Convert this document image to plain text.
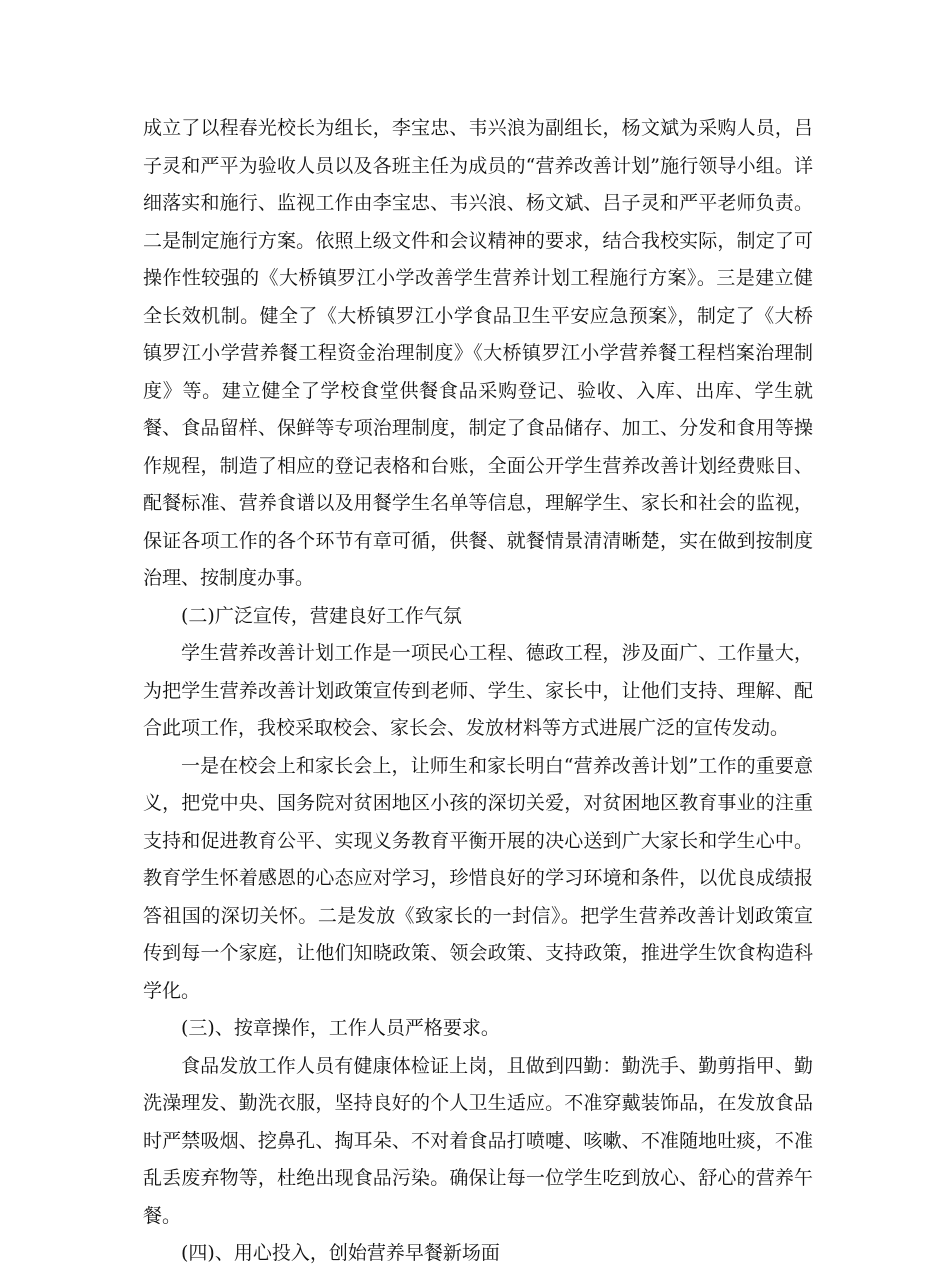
成立了以程春光校长为组长，李宝忠、韦兴浪为副组长，杨文斌为采购人员，吕子灵和严平为验收人员以及各班主任为成员的“营养改善计划”施行领导小组。详细落实和施行、监视工作由李宝忠、韦兴浪、杨文斌、吕子灵和严平老师负责。二是制定施行方案。依照上级文件和会议精神的要求，结合我校实际，制定了可操作性较强的《大桥镇罗江小学改善学生营养计划工程施行方案》。三是建立健全长效机制。健全了《大桥镇罗江小学食品卫生平安应急预案》，制定了《大桥镇罗江小学营养餐工程资金治理制度》《大桥镇罗江小学营养餐工程档案治理制度》等。建立健全了学校食堂供餐食品采购登记、验收、入库、出库、学生就餐、食品留样、保鲜等专项治理制度，制定了食品储存、加工、分发和食用等操作规程，制造了相应的登记表格和台账，全面公开学生营养改善计划经费账目、配餐标准、营养食谱以及用餐学生名单等信息，理解学生、家长和社会的监视，保证各项工作的各个环节有章可循，供餐、就餐情景清清晰楚，实在做到按制度治理、按制度办事。

(二)广泛宣传，营建良好工作气氛

学生营养改善计划工作是一项民心工程、德政工程，涉及面广、工作量大，为把学生营养改善计划政策宣传到老师、学生、家长中，让他们支持、理解、配合此项工作，我校采取校会、家长会、发放材料等方式进展广泛的宣传发动。

一是在校会上和家长会上，让师生和家长明白“营养改善计划”工作的重要意义，把党中央、国务院对贫困地区小孩的深切关爱，对贫困地区教育事业的注重支持和促进教育公平、实现义务教育平衡开展的决心送到广大家长和学生心中。教育学生怀着感恩的心态应对学习，珍惜良好的学习环境和条件，以优良成绩报答祖国的深切关怀。二是发放《致家长的一封信》。把学生营养改善计划政策宣传到每一个家庭，让他们知晓政策、领会政策、支持政策，推进学生饮食构造科学化。

(三)、按章操作，工作人员严格要求。

食品发放工作人员有健康体检证上岗，且做到四勤：勤洗手、勤剪指甲、勤洗澡理发、勤洗衣服，坚持良好的个人卫生适应。不准穿戴装饰品，在发放食品时严禁吸烟、挖鼻孔、掏耳朵、不对着食品打喷嚏、咳嗽、不准随地吐痰，不准乱丢废弃物等，杜绝出现食品污染。确保让每一位学生吃到放心、舒心的营养午餐。

(四)、用心投入，创始营养早餐新场面
